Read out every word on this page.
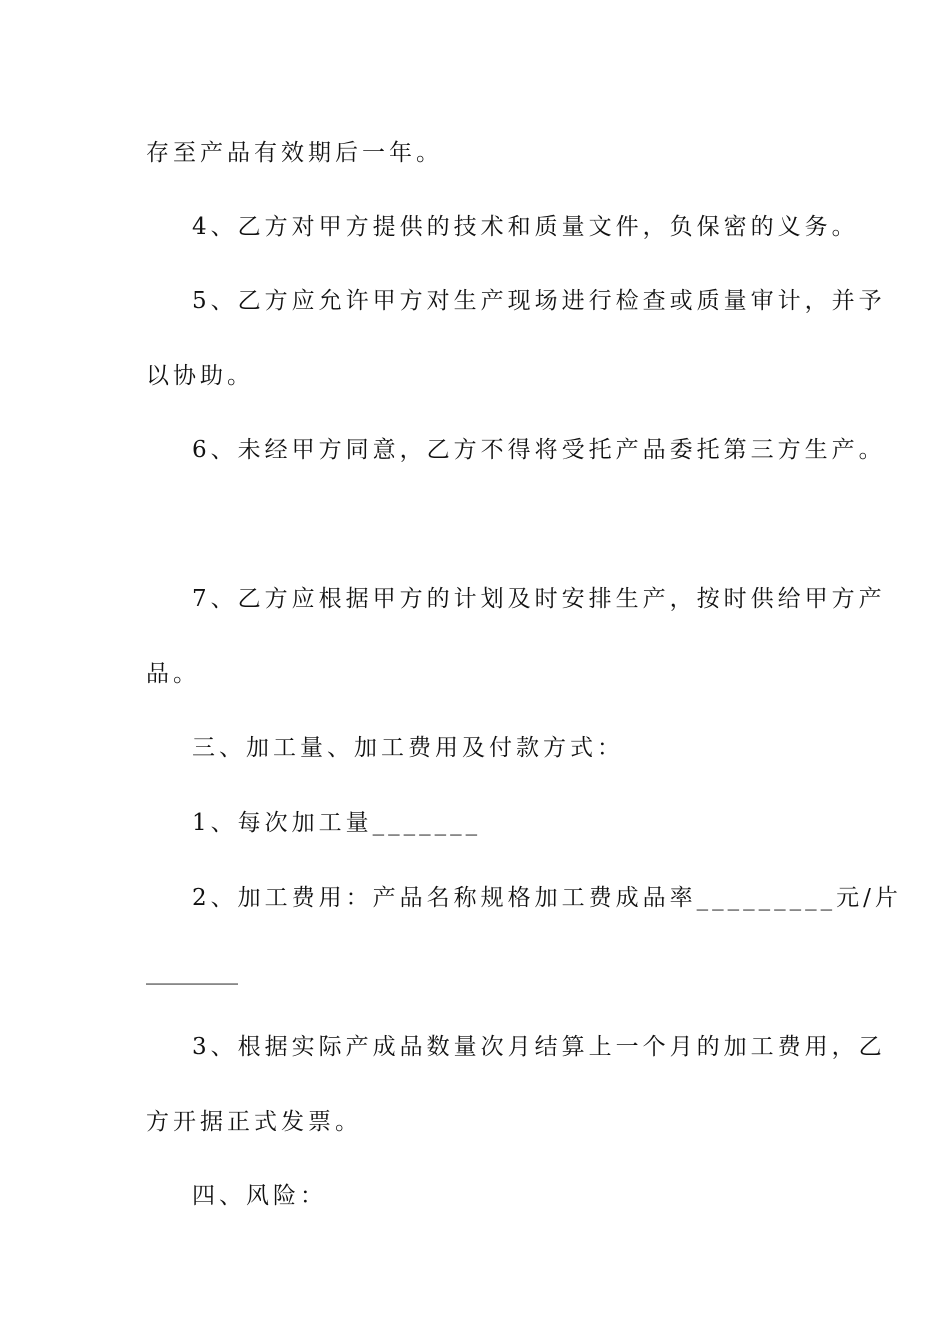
存至产品有效期后一年。
4、乙方对甲方提供的技术和质量文件，负保密的义务。
5、乙方应允许甲方对生产现场进行检查或质量审计，并予
以协助。
6、未经甲方同意，乙方不得将受托产品委托第三方生产。
7、乙方应根据甲方的计划及时安排生产，按时供给甲方产
品。
三、加工量、加工费用及付款方式：
1、每次加工量_______
2、加工费用：产品名称规格加工费成品率_________元/片
________
3、根据实际产成品数量次月结算上一个月的加工费用，乙
方开据正式发票。
四、风险：
